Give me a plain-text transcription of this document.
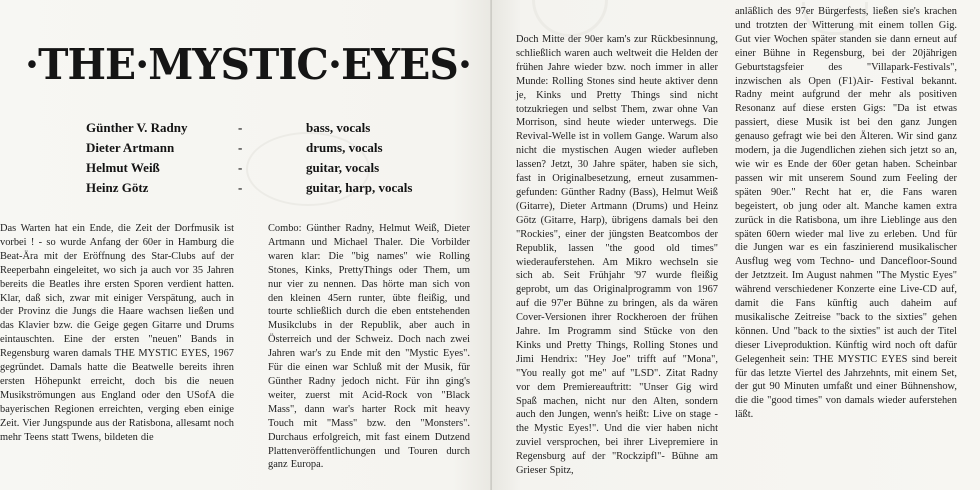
·THE·MYSTIC·EYES·
Günther V. Radny	-	bass, vocals
Dieter Artmann	-	drums, vocals
Helmut Weiß	-	guitar, vocals
Heinz Götz	-	guitar, harp, vocals

Das Warten hat ein Ende, die Zeit der Dorfmusik ist vorbei ! - so wurde Anfang der 60er in Hamburg die Beat-Ära mit der Eröffnung des Star-Clubs auf der Reeperbahn eingeleitet, wo sich ja auch vor 35 Jahren bereits die Beatles ihre ersten Sporen verdient hatten. Klar, daß sich, zwar mit einiger Verspätung, auch in der Provinz die Jungs die Haare wachsen ließen und das Klavier bzw. die Geige gegen Gitarre und Drums eintauschten. Eine der ersten "neuen" Bands in Regensburg waren damals THE MYSTIC EYES, 1967 gegründet. Damals hatte die Beatwelle bereits ihren ersten Höhepunkt erreicht, doch bis die neuen Musikströmungen aus England oder den USofA die bayerischen Regionen erreichten, verging eben einige Zeit. Vier Jungspunde aus der Ratisbona, allesamt noch mehr Teens statt Twens, bildeten die

Combo: Günther Radny, Helmut Weiß, Dieter Artmann und Michael Thaler. Die Vorbilder waren klar: Die "big names" wie Rolling Stones, Kinks, PrettyThings oder Them, um nur vier zu nennen. Das hörte man sich von den kleinen 45ern runter, übte fleißig, und tourte schließlich durch die eben entstehenden Musikclubs in der Republik, aber auch in Österreich und der Schweiz. Doch nach zwei Jahren war's zu Ende mit den "Mystic Eyes". Für die einen war Schluß mit der Musik, für Günther Radny jedoch nicht. Für ihn ging's weiter, zuerst mit Acid-Rock von "Black Mass", dann war's harter Rock mit heavy Touch mit "Mass" bzw. den "Monsters". Durchaus erfolgreich, mit fast einem Dutzend Plattenveröffentlichungen und Touren durch ganz Europa.

Doch Mitte der 90er kam's zur Rückbesinnung, schließlich waren auch weltweit die Helden der frühen Jahre wieder bzw. noch immer in aller Munde: Rolling Stones sind heute aktiver denn je, Kinks und Pretty Things sind nicht totzukriegen und selbst Them, zwar ohne Van Morrison, sind heute wieder unterwegs. Die Revival-Welle ist in vollem Gange. Warum also nicht die mystischen Augen wieder aufleben lassen? Jetzt, 30 Jahre später, haben sie sich, fast in Originalbesetzung, erneut zusammen-gefunden: Günther Radny (Bass), Helmut Weiß (Gitarre), Dieter Artmann (Drums) und Heinz Götz (Gitarre, Harp), übrigens damals bei den "Rockies", einer der jüngsten Beatcombos der Republik, lassen "the good old times" wiederauferstehen. Am Mikro wechseln sie sich ab. Seit Frühjahr '97 wurde fleißig geprobt, um das Originalprogramm von 1967 auf die 97'er Bühne zu bringen, als da wären Cover-Versionen ihrer Rockheroen der frühen Jahre. Im Programm sind Stücke von den Kinks und Pretty Things, Rolling Stones und Jimi Hendrix: "Hey Joe" trifft auf "Mona", "You really got me" auf "LSD". Zitat Radny vor dem Premiereauftritt: "Unser Gig wird Spaß machen, nicht nur den Alten, sondern auch den Jungen, wenn's heißt: Live on stage - the Mystic Eyes!". Und die vier haben nicht zuviel versprochen, bei ihrer Livepremiere in Regensburg auf der "Rockzipfl"- Bühne am Grieser Spitz,

anläßlich des 97er Bürgerfests, ließen sie's krachen und trotzten der Witterung mit einem tollen Gig. Gut vier Wochen später standen sie dann erneut auf einer Bühne in Regensburg, bei der 20jährigen Geburtstagsfeier des "Villapark-Festivals", inzwischen als Open (F1)Air- Festival bekannt. Radny meint aufgrund der mehr als positiven Resonanz auf diese ersten Gigs: "Da ist etwas passiert, diese Musik ist bei den ganz Jungen genauso gefragt wie bei den Älteren. Wir sind ganz modern, ja die Jugendlichen ziehen sich jetzt so an, wie wir es Ende der 60er getan haben. Scheinbar passen wir mit unserem Sound zum Feeling der späten 90er." Recht hat er, die Fans waren begeistert, ob jung oder alt. Manche kamen extra zurück in die Ratisbona, um ihre Lieblinge aus den späten 60ern wieder mal live zu erleben. Und für die Jungen war es ein faszinierend musikalischer Ausflug weg vom Techno- und Dancefloor-Sound der Jetztzeit. Im August nahmen "The Mystic Eyes" während verschiedener Konzerte eine Live-CD auf, damit die Fans künftig auch daheim auf musikalische Zeitreise "back to the sixties" gehen können. Und "back to the sixties" ist auch der Titel dieser Liveproduktion. Künftig wird noch oft dafür Gelegenheit sein: THE MYSTIC EYES sind bereit für das letzte Viertel des Jahrzehnts, mit einem Set, der gut 90 Minuten umfaßt und einer Bühnenshow, die die "good times" von damals wieder auferstehen läßt.
